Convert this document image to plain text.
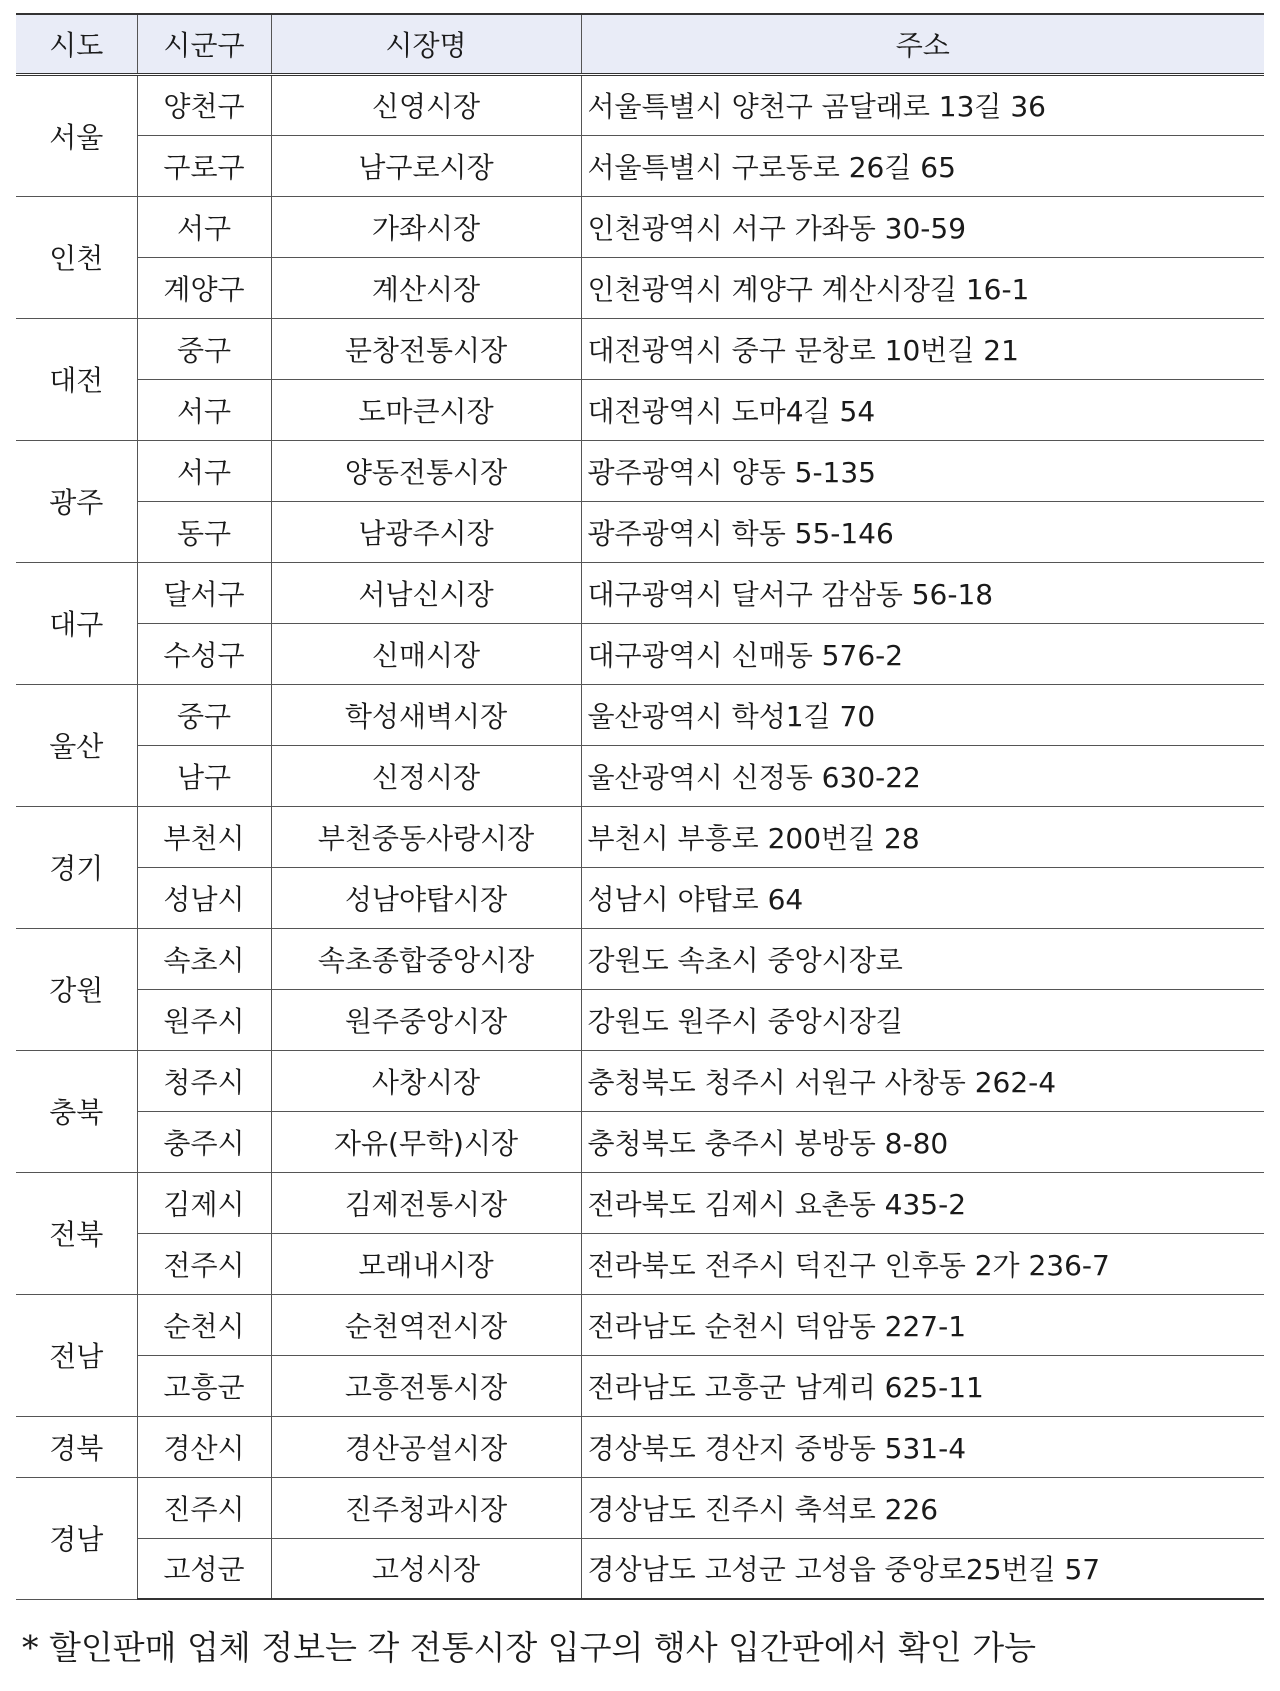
시도	시군구	시장명	주소
서울	양천구	신영시장	서울특별시 양천구 곰달래로 13길 36
	구로구	남구로시장	서울특별시 구로동로 26길 65
인천	서구	가좌시장	인천광역시 서구 가좌동 30-59
	계양구	계산시장	인천광역시 계양구 계산시장길 16-1
대전	중구	문창전통시장	대전광역시 중구 문창로 10번길 21
	서구	도마큰시장	대전광역시 도마4길 54
광주	서구	양동전통시장	광주광역시 양동 5-135
	동구	남광주시장	광주광역시 학동 55-146
대구	달서구	서남신시장	대구광역시 달서구 감삼동 56-18
	수성구	신매시장	대구광역시 신매동 576-2
울산	중구	학성새벽시장	울산광역시 학성1길 70
	남구	신정시장	울산광역시 신정동 630-22
경기	부천시	부천중동사랑시장	부천시 부흥로 200번길 28
	성남시	성남야탑시장	성남시 야탑로 64
강원	속초시	속초종합중앙시장	강원도 속초시 중앙시장로
	원주시	원주중앙시장	강원도 원주시 중앙시장길
충북	청주시	사창시장	충청북도 청주시 서원구 사창동 262-4
	충주시	자유(무학)시장	충청북도 충주시 봉방동 8-80
전북	김제시	김제전통시장	전라북도 김제시 요촌동 435-2
	전주시	모래내시장	전라북도 전주시 덕진구 인후동 2가 236-7
전남	순천시	순천역전시장	전라남도 순천시 덕암동 227-1
	고흥군	고흥전통시장	전라남도 고흥군 남계리 625-11
경북	경산시	경산공설시장	경상북도 경산지 중방동 531-4
경남	진주시	진주청과시장	경상남도 진주시 축석로 226
	고성군	고성시장	경상남도 고성군 고성읍 중앙로25번길 57
* 할인판매 업체 정보는 각 전통시장 입구의 행사 입간판에서 확인 가능
